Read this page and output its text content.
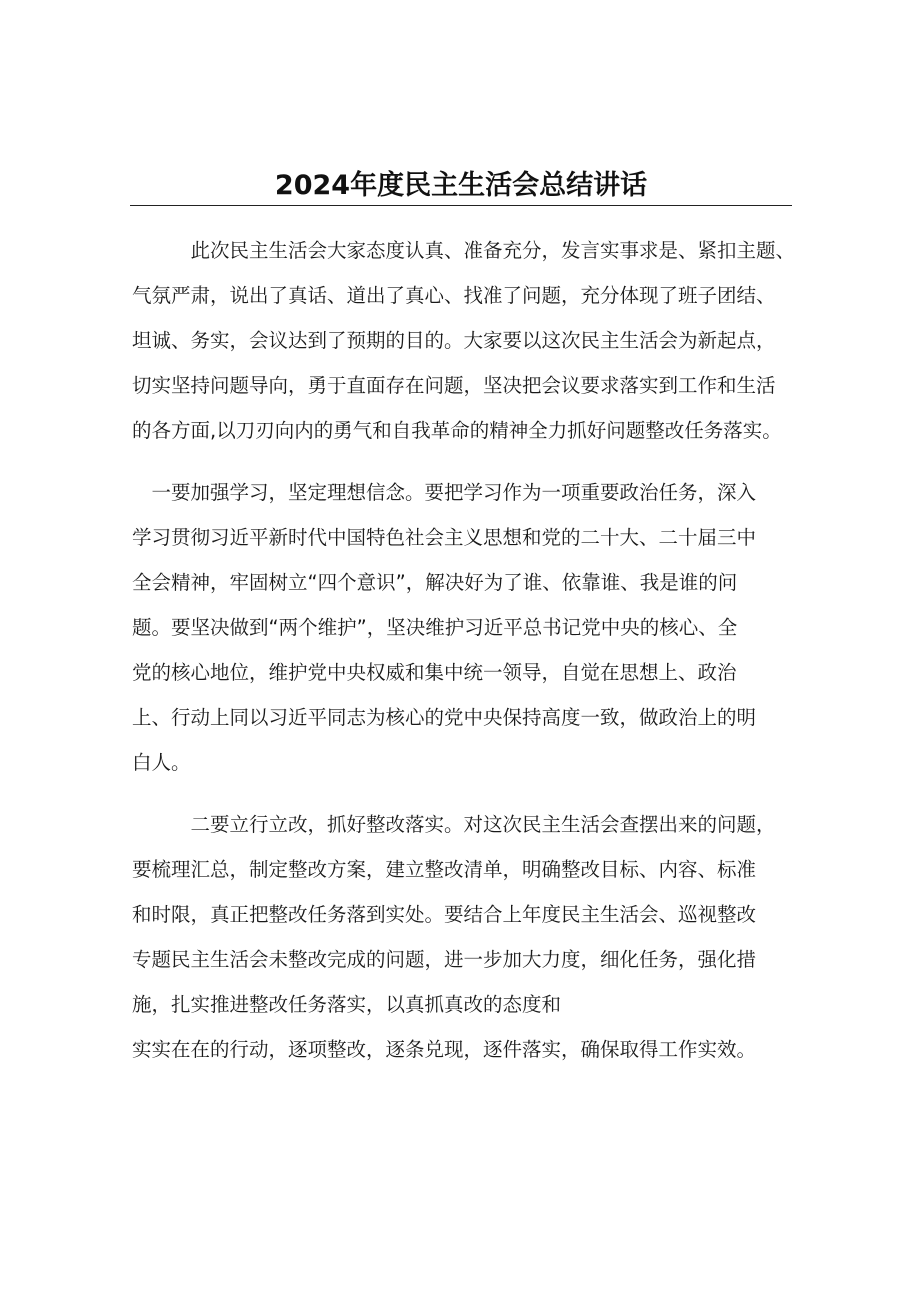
2024年度民主生活会总结讲话
　　　此次民主生活会大家态度认真、准备充分，发言实事求是、紧扣主题、
气氛严肃，说出了真话、道出了真心、找准了问题，充分体现了班子团结、
坦诚、务实，会议达到了预期的目的。大家要以这次民主生活会为新起点，
切实坚持问题导向，勇于直面存在问题，坚决把会议要求落实到工作和生活
的各方面,以刀刃向内的勇气和自我革命的精神全力抓好问题整改任务落实。
　一要加强学习，坚定理想信念。要把学习作为一项重要政治任务，深入
学习贯彻习近平新时代中国特色社会主义思想和党的二十大、二十届三中
全会精神，牢固树立“四个意识”，解决好为了谁、依靠谁、我是谁的问
题。要坚决做到“两个维护”，坚决维护习近平总书记党中央的核心、全
党的核心地位，维护党中央权威和集中统一领导，自觉在思想上、政治
上、行动上同以习近平同志为核心的党中央保持高度一致，做政治上的明
白人。
　　　二要立行立改，抓好整改落实。对这次民主生活会查摆出来的问题，
要梳理汇总，制定整改方案，建立整改清单，明确整改目标、内容、标准
和时限，真正把整改任务落到实处。要结合上年度民主生活会、巡视整改
专题民主生活会未整改完成的问题，进一步加大力度，细化任务，强化措
施，扎实推进整改任务落实，以真抓真改的态度和
实实在在的行动，逐项整改，逐条兑现，逐件落实，确保取得工作实效。
